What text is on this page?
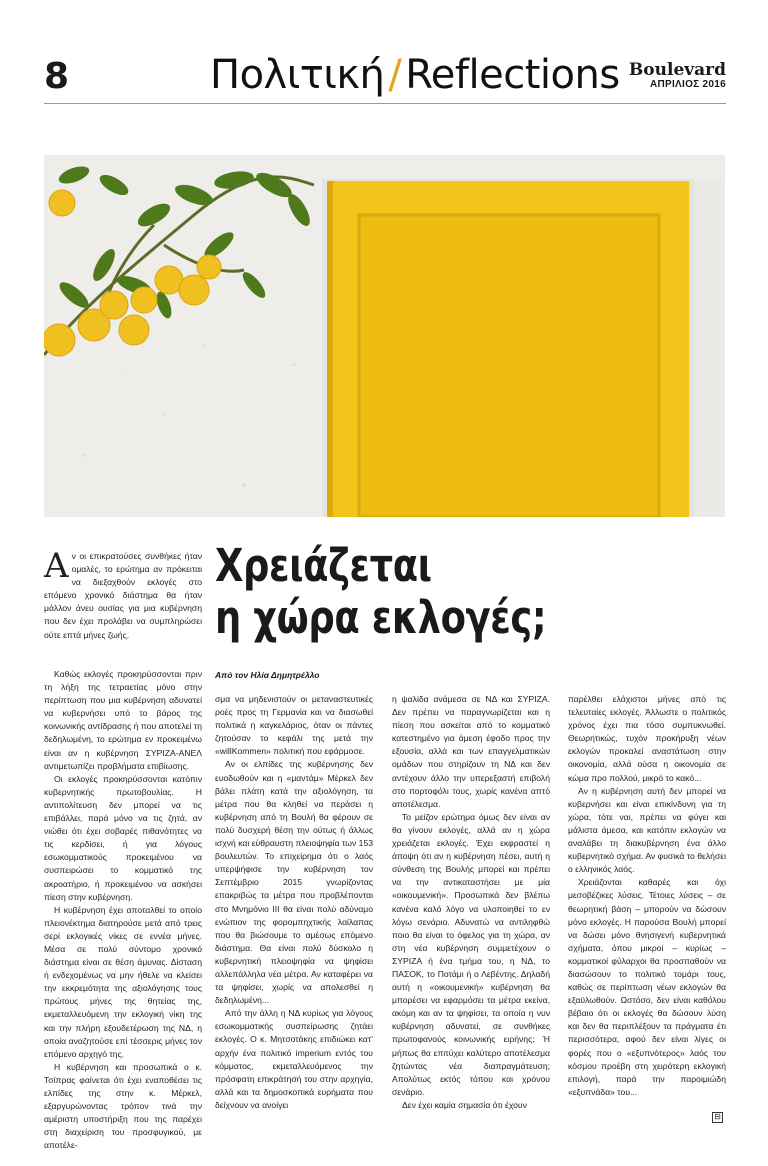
8	Πολιτική / Reflections Boulevard
ΑΠΡΙΛΙΟΣ 2016
Χρειάζεται
η χώρα εκλογές;
Από τον Ηλία Δημητρέλλο

Αν οι επικρατούσες συνθήκες ήταν ομαλές, το ερώτημα αν πρόκειται να διεξαχθούν εκλογές στο επόμενο χρονικό διάστημα θα ήταν μάλλον άνευ ουσίας για μια κυβέρνηση που δεν έχει προλάβει να συμπληρώσει ούτε επτά μήνες ζωής.

Καθώς εκλογές προκηρύσσονται πριν τη λήξη της τετραετίας μόνο στην περίπτωση που μια κυβέρνηση αδυνατεί να κυβερνήσει υπό το βάρος της κοινωνικής αντίδρασης ή που αποτελεί τη δεδηλωμένη, το ερώτημα εν προκειμένω είναι αν η κυβέρνηση ΣΥΡΙΖΑ-ΑΝΕΛ αντιμετωπίζει προβλήματα επιβίωσης.

Οι εκλογές προκηρύσσονται κατόπιν κυβερνητικής πρωτοβουλίας. Η αντιπολίτευση δεν μπορεί να τις επιβάλλει, παρά μόνο να τις ζητά, αν νιώθει ότι έχει σοβαρές πιθανότητες να τις κερδίσει, ή για λόγους εσωκομματικούς προκειμένου να συσπειρώσει το κομματικό της ακροατήριο, ή προκειμένου να ασκήσει πίεση στην κυβέρνηση.

Η κυβέρνηση έχει αποταλθεί το οποίο πλειονέκτημα διατηρούσε μετά από τρεις σερί εκλογικές νίκες σε εννέα μήνες. Μέσα σε πολύ σύντομο χρονικό διάστημα είναι σε θέση άμυνας. Δίσταση ή ενδεχομένως να μην ήθελε να κλείσει την εκκρεμότητα της αξιολόγησης τους πρώτους μήνες της θητείας της, εκμεταλλευόμενη την εκλογική νίκη της και την πλήρη εξουδετέρωση της ΝΔ, η οποία αναζητούσε επί τέσσερις μήνες τον επόμενο αρχηγό της.

Η κυβέρνηση και προσωπικά ο κ. Τσίπρας φαίνεται ότι έχει εναποθέσει τις ελπίδες της στην κ. Μέρκελ, εξαργυρώνοντας τρόπον τινά την αμέριστη υποστήριξη που της παρέχει στη διαχείριση του προσφυγικού, με αποτέλε-

σμα να μηδενιστούν οι μεταναστευτικές ροές προς τη Γερμανία και να διασωθεί πολιτικά η καγκελάριος, όταν οι πάντες ζητούσαν το κεφάλι της μετά την «willKommen» πολιτική που εφάρμοσε.

Αν οι ελπίδες της κυβέρνησης δεν ευοδωθούν και η «μαντάμ» Μέρκελ δεν βάλει πλάτη κατά την αξιολόγηση, τα μέτρα που θα κληθεί να περάσει η κυβέρνηση από τη Βουλή θα φέρουν σε πολύ δυσχερή θέση την ούτως ή άλλως ισχνή και εύθραυστη πλειοψηφία των 153 βουλευτών. Το επιχείρημα ότι ο λαός υπερψήφισε την κυβέρνηση τον Σεπτέμβριο 2015 γνωρίζοντας επακριβώς τα μέτρα που προβλέπονται στο Μνημόνιο ΙΙΙ θα είναι πολύ αδύναμο ενώπιον της φορομπηχτικής λαίλαπας που θα βιώσουμε το αμέσως επόμενο διάστημα. Θα είναι πολύ δύσκολο η κυβερνητική πλειοψηφία να ψηφίσει αλλεπάλληλα νέα μέτρα. Αν καταφέρει να τα ψηφίσει, χωρίς να απολεσθεί η δεδηλωμένη...

Από την άλλη η ΝΔ κυρίως για λόγους εσωκομματικής συσπείρωσης ζητάει εκλογές. Ο κ. Μητσοτάκης επιδιώκει κατ’ αρχήν ένα πολιτικό imperium εντός του κόμματος, εκμεταλλευόμενος την πρόσφατη επικράτησή του στην αρχηγία, αλλά και τα δημοσκοπικά ευρήματα που δείχνουν να ανοίγει

η ψαλίδα ανάμεσα σε ΝΔ και ΣΥΡΙΖΑ. Δεν πρέπει να παραγνωρίζεται και η πίεση που ασκείται από το κομματικό κατεστημένο για άμεση έφοδο προς την εξουσία, αλλά και των επαγγελματικών ομάδων που στηρίζουν τη ΝΔ και δεν αντέχουν άλλο την υπερεξαστή επιβολή στο πορτοφόλι τους, χωρίς κανένα απτό αποτέλεσμα.

Το μείζον ερώτημα όμως δεν είναι αν θα γίνουν εκλογές, αλλά αν η χώρα χρειάζεται εκλογές. Έχει εκφραστεί η άποψη ότι αν η κυβέρνηση πέσει, αυτή η σύνθεση της Βουλής μπορεί και πρέπει να την αντικαταστήσει με μία «οικουμενική». Προσωπικά δεν βλέπω κανένα καλό λόγο να υλοποιηθεί το εν λόγω σενάριο. Αδυνατώ να αντιληφθώ ποιο θα είναι το όφελος για τη χώρα, αν στη νέα κυβέρνηση συμμετέχουν ο ΣΥΡΙΖΑ ή ένα τμήμα του, η ΝΔ, το ΠΑΣΟΚ, το Ποτάμι ή ο Λεβέντης. Δηλαδή αυτή η «οικουμενική» κυβέρνηση θα μπορέσει να εφαρμόσει τα μέτρα εκείνα, ακόμη και αν τα ψηφίσει, τα οποία η νυν κυβέρνηση αδυνατεί, σε συνθήκες πρωτοφανούς κοινωνικής ειρήνης; Ή μήπως θα επιτύχει καλύτερο αποτέλεσμα ζητώντας νέα διαπραγμάτευση; Απολύτως εκτός τόπου και χρόνου σενάριο.

Δεν έχει καμία σημασία ότι έχουν

παρέλθει ελάχιστοι μήνες από τις τελευταίες εκλογές. Άλλωστε ο πολιτικός χρόνος έχει πια τόσο συμπυκνωθεί. Θεωρητικώς, τυχόν προκήρυξη νέων εκλογών προκαλεί αναστάτωση στην οικονομία, αλλά ούσα η οικονομία σε κώμα προ πολλού, μικρό το κακό...

Αν η κυβέρνηση αυτή δεν μπορεί να κυβερνήσει και είναι επικίνδυνη για τη χώρα, τότε ναι, πρέπει να φύγει και μάλιστα άμεσα, και κατόπιν εκλογών να αναλάβει τη διακυβέρνηση ένα άλλο κυβερνητικό σχήμα. Αν φυσικά το θελήσει ο ελληνικός λαός.

Χρειάζονται καθαρές και όχι μεσοβέζικες λύσεις. Τέτοιες λύσεις – σε θεωρητική βάση – μπορούν να δώσουν μόνο εκλογές. Η παρούσα Βουλή μπορεί να δώσει μόνο θνησιγενή κυβερνητικά σχήματα, όπου μικροί – κυρίως – κομματικοί φύλαρχοι θα προσπαθούν να διασώσουν το πολιτικό τομάρι τους, καθώς σε περίπτωση νέων εκλογών θα εξαϋλωθούν. Ωστόσο, δεν είναι καθόλου βέβαιο ότι οι εκλογές θα δώσουν λύση και δεν θα περιπλέξουν τα πράγματα έτι περισσότερα, αφού δεν είναι λίγες οι φορές που ο «εξυπνότερος» λαός του κόσμου προέβη στη χειρότερη εκλογική επιλογή, παρά την παροιμιώδη «εξυπνάδα» του...

⊟
